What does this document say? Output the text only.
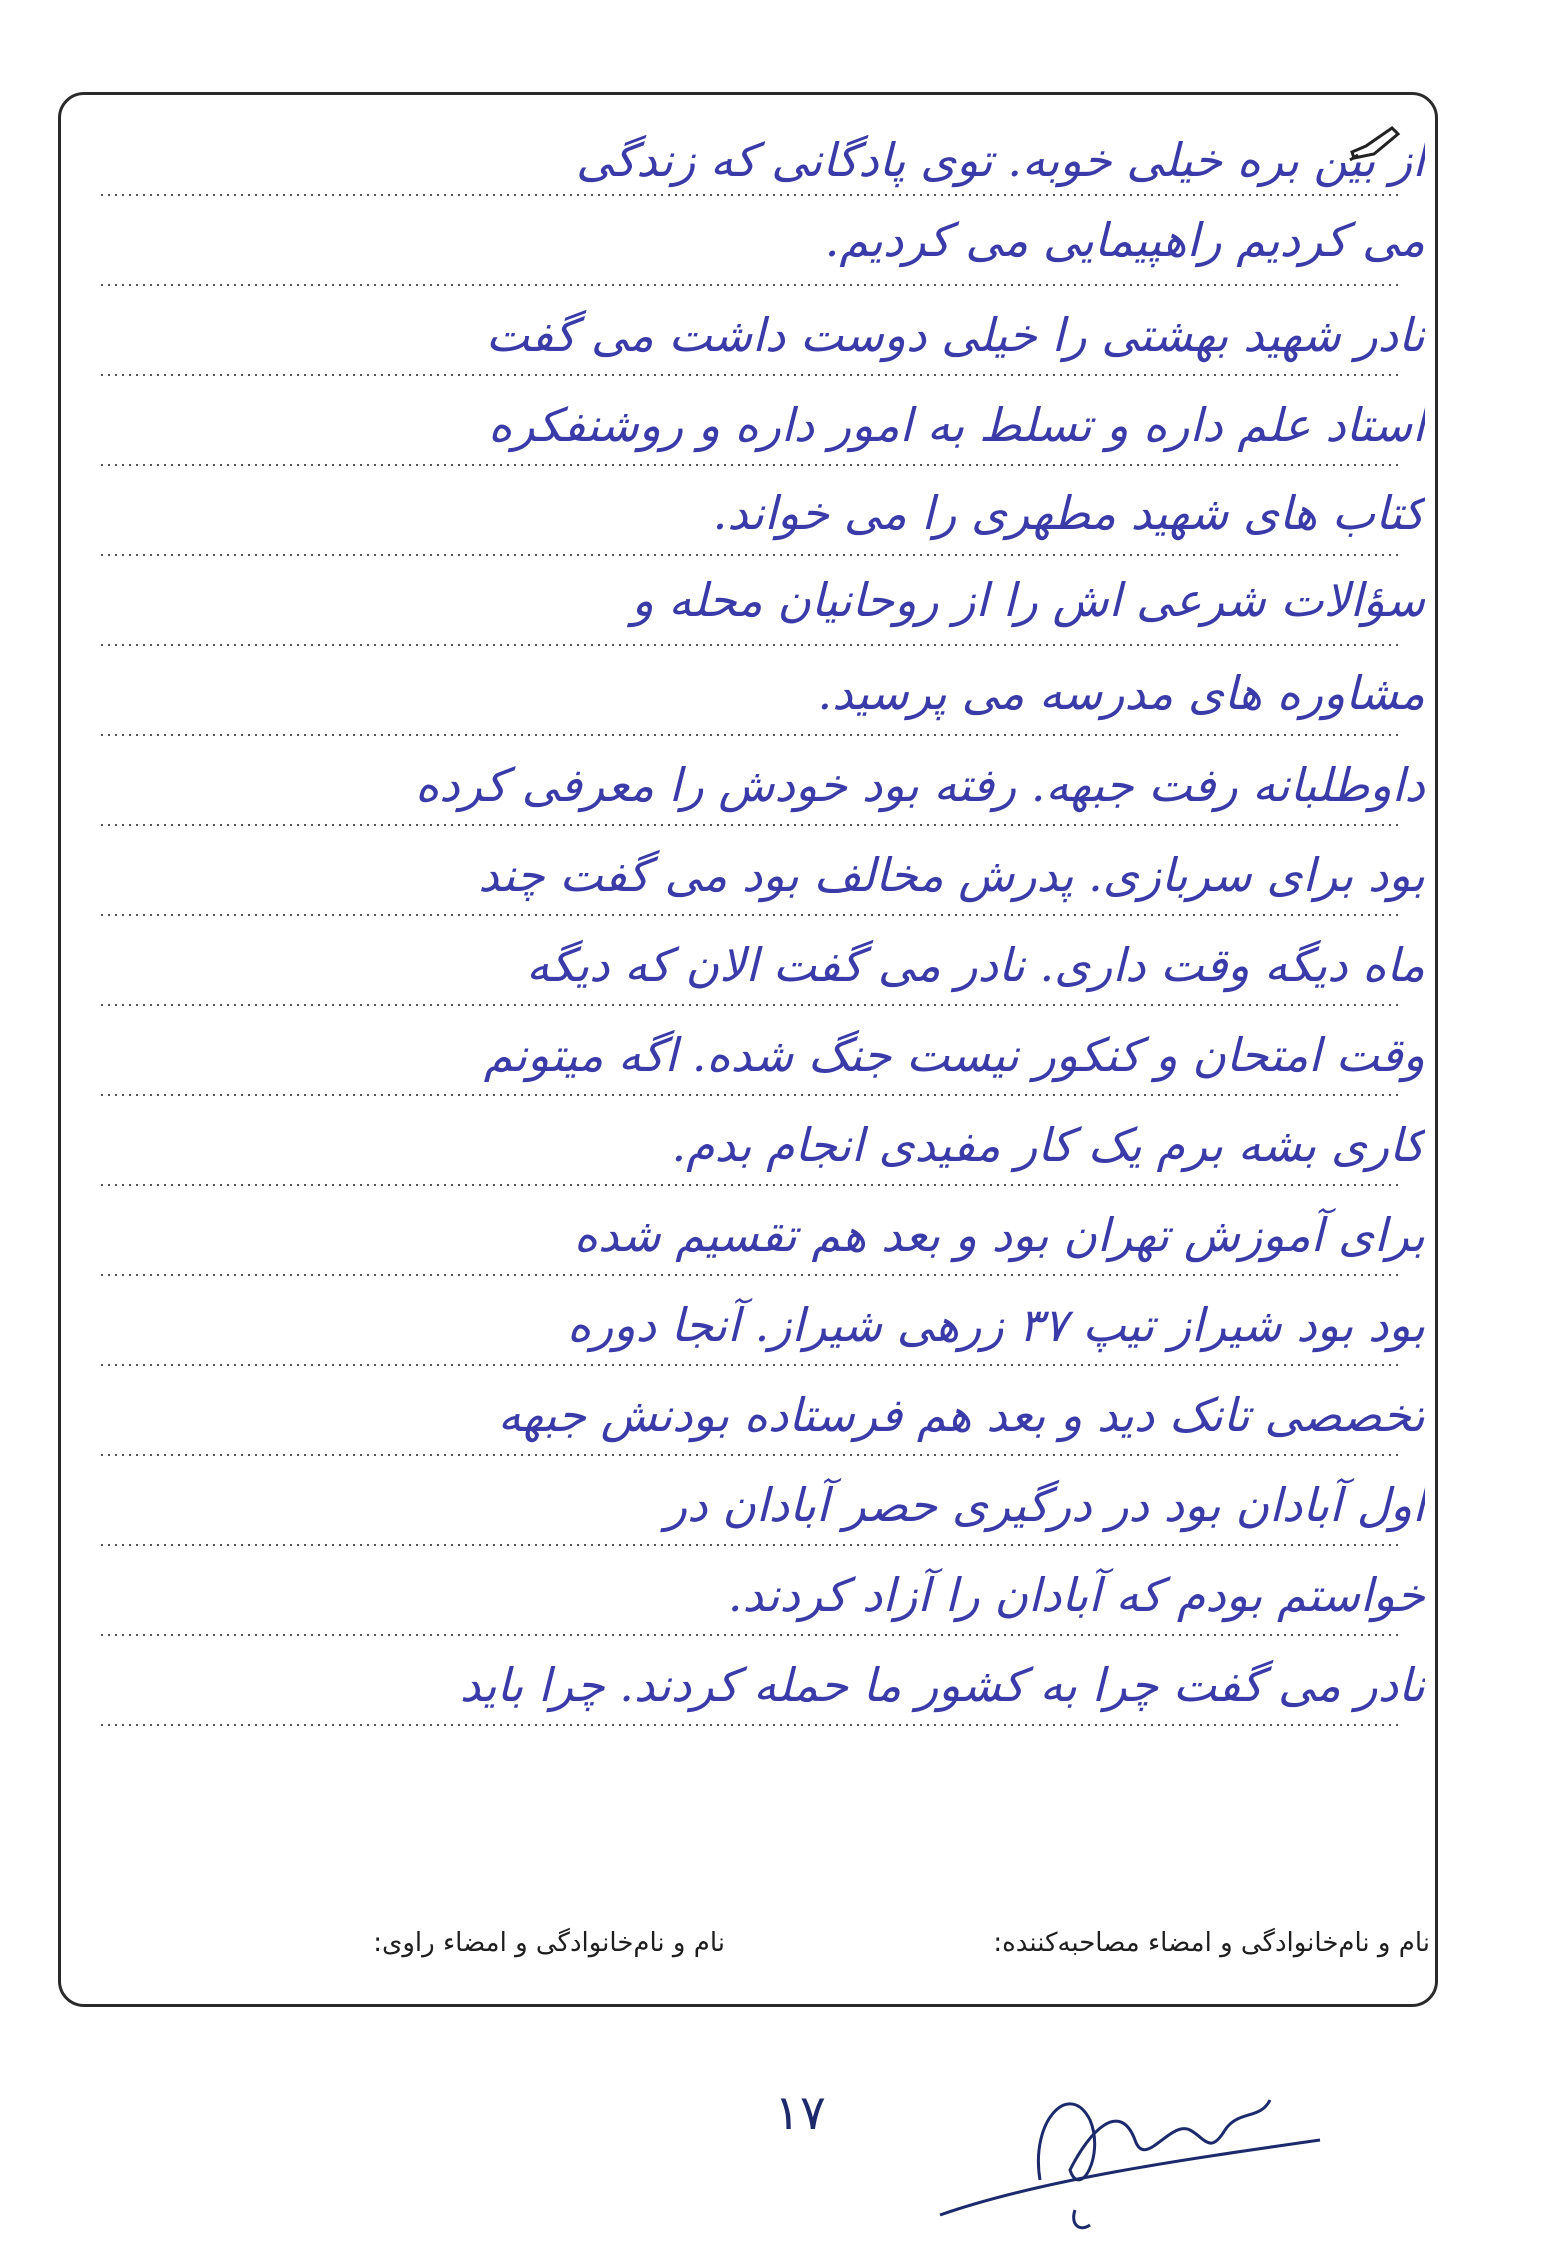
از بین بره خیلی خوبه. توی پادگانی که زندگی
می کردیم راهپیمایی می کردیم.
نادر شهید بهشتی را خیلی دوست داشت می گفت
استاد علم داره و تسلط به امور داره و روشنفکره
کتاب های شهید مطهری را می خواند.
سؤالات شرعی اش را از روحانیان محله و
مشاوره های مدرسه می پرسید.
داوطلبانه رفت جبهه. رفته بود خودش را معرفی کرده
بود برای سربازی. پدرش مخالف بود می گفت چند
ماه دیگه وقت داری. نادر می گفت الان که دیگه
وقت امتحان و کنکور نیست جنگ شده. اگه میتونم
کاری بشه برم یک کار مفیدی انجام بدم.
برای آموزش تهران بود و بعد هم تقسیم شده
بود بود شیراز تیپ ۳۷ زرهی شیراز. آنجا دوره
تخصصی تانک دید و بعد هم فرستاده بودنش جبهه
اول آبادان بود در درگیری حصر آبادان در
خواستم بودم که آبادان را آزاد کردند.
نادر می گفت چرا به کشور ما حمله کردند. چرا باید
نام و نام‌خانوادگی و امضاء مصاحبه‌کننده:
نام و نام‌خانوادگی و امضاء راوی:
۱۷
